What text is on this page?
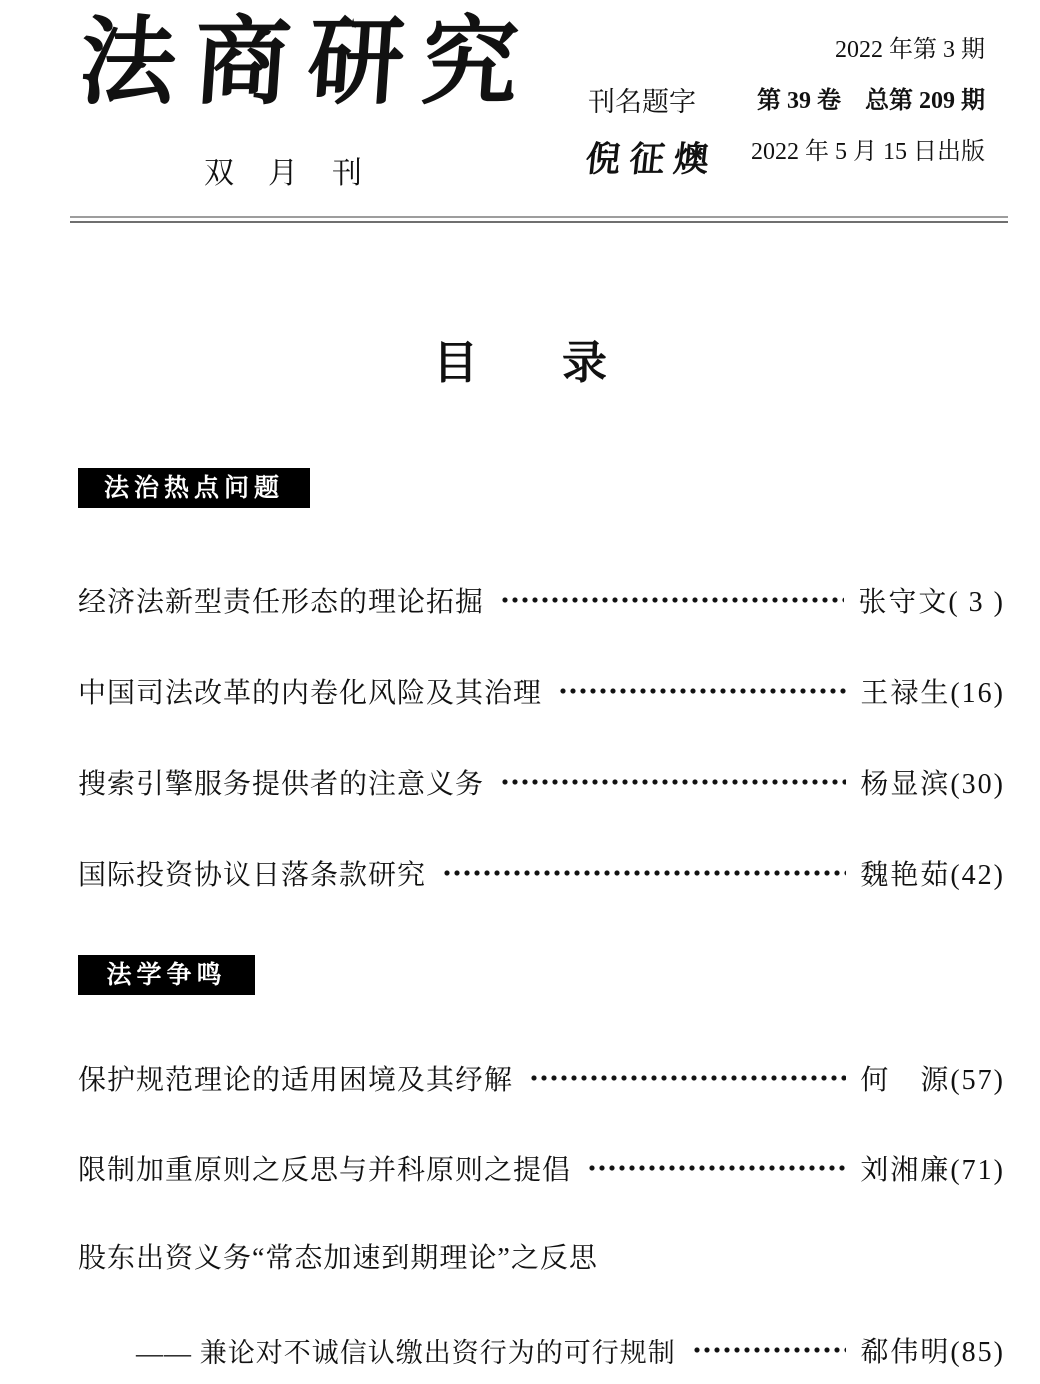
法商研究
双　月　刊
刊名题字
倪征燠
2022 年第 3 期
第 39 卷　总第 209 期
2022 年 5 月 15 日出版
目 录
法治热点问题
经济法新型责任形态的理论拓掘	张守文( 3 )
中国司法改革的内卷化风险及其治理	王禄生(16)
搜索引擎服务提供者的注意义务	杨显滨(30)
国际投资协议日落条款研究	魏艳茹(42)
法学争鸣
保护规范理论的适用困境及其纾解	何　源(57)
限制加重原则之反思与并科原则之提倡	刘湘廉(71)
股东出资义务“常态加速到期理论”之反思
—— 兼论对不诚信认缴出资行为的可行规制	郗伟明(85)
